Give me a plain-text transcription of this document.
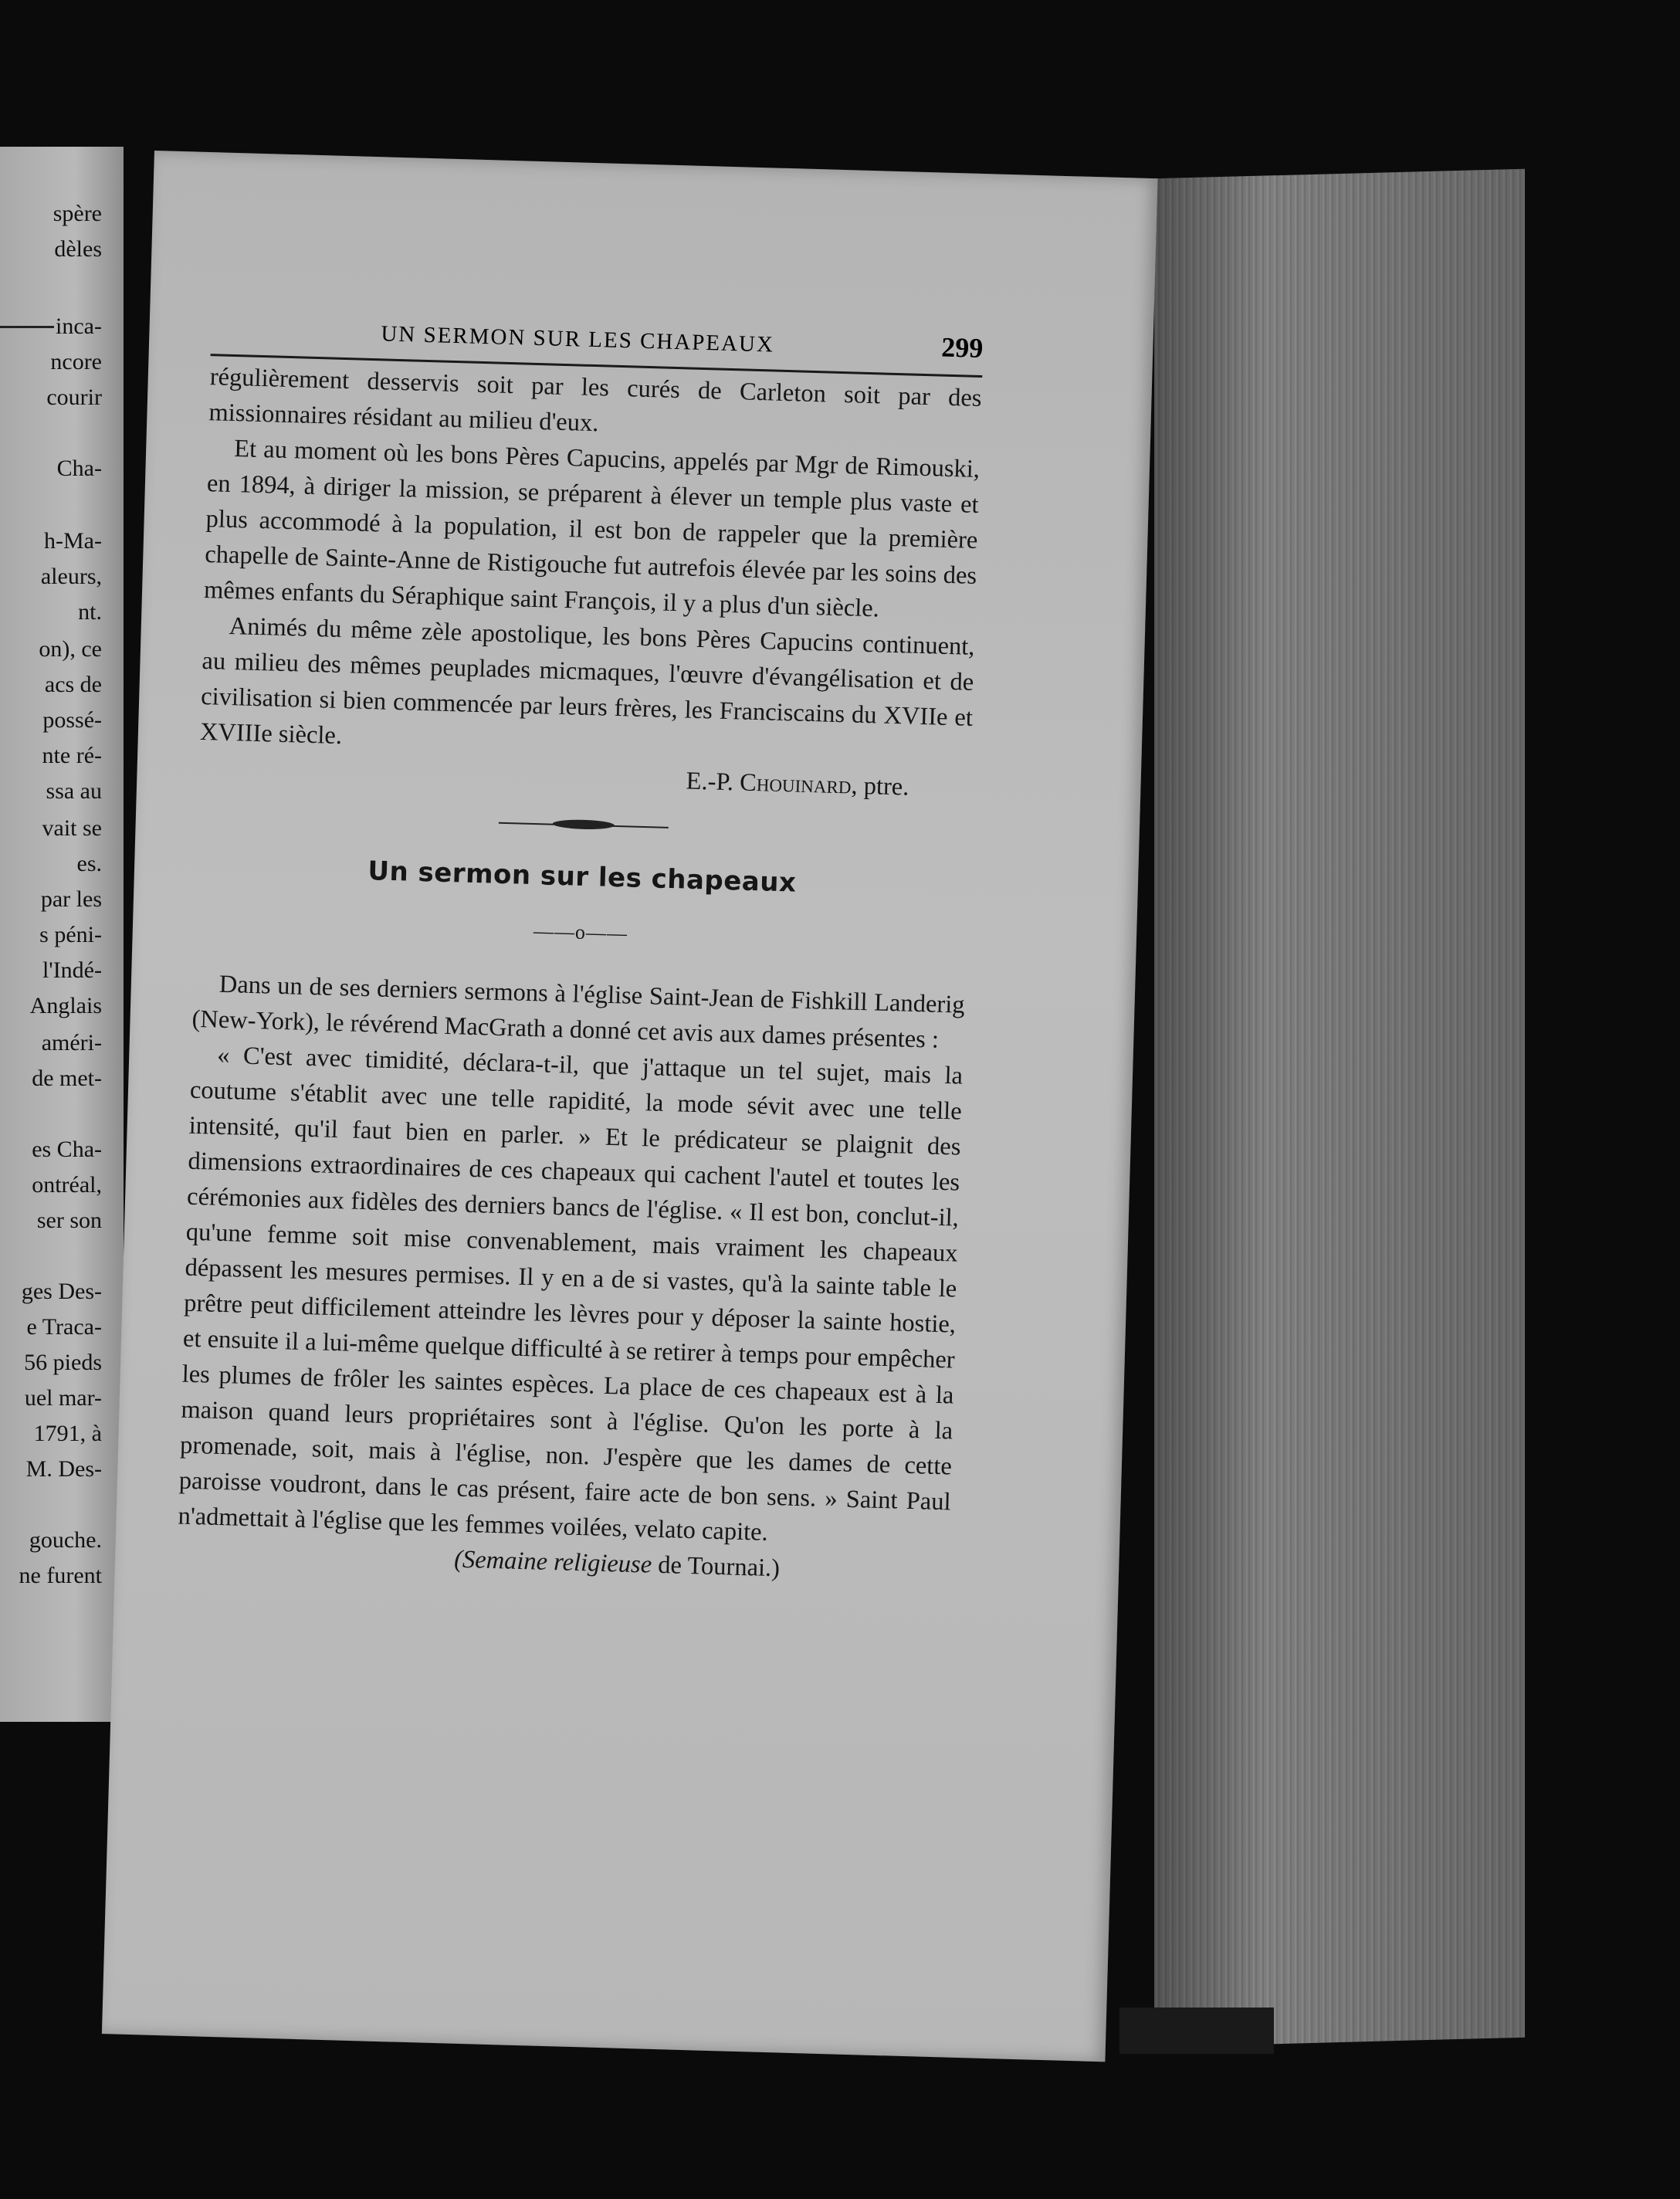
spère
dèles
inca-
ncore
courir
Cha-
h-Ma-
aleurs,
nt.
on), ce
acs de
possé-
nte ré-
ssa au
vait se
es.
par les
s péni-
l'Indé-
Anglais
améri-
de met-
es Cha-
ontréal,
ser son
ges Des-
e Traca-
56 pieds
uel mar-
1791, à
M. Des-
gouche.
ne furent
UN SERMON SUR LES CHAPEAUX	299

régulièrement desservis soit par les curés de Carleton soit par des missionnaires résidant au milieu d'eux.

Et au moment où les bons Pères Capucins, appelés par Mgr de Rimouski, en 1894, à diriger la mission, se préparent à élever un temple plus vaste et plus accommodé à la population, il est bon de rappeler que la première chapelle de Sainte-Anne de Ristigouche fut autrefois élevée par les soins des mêmes enfants du Séraphique saint François, il y a plus d'un siècle.

Animés du même zèle apostolique, les bons Pères Capucins continuent, au milieu des mêmes peuplades micmaques, l'œuvre d'évangélisation et de civilisation si bien commencée par leurs frères, les Franciscains du XVIIe et XVIIIe siècle.

E.-P. Chouinard, ptre.

Un sermon sur les chapeaux
——o——

Dans un de ses derniers sermons à l'église Saint-Jean de Fishkill Landerig (New-York), le révérend MacGrath a donné cet avis aux dames présentes :

« C'est avec timidité, déclara-t-il, que j'attaque un tel sujet, mais la coutume s'établit avec une telle rapidité, la mode sévit avec une telle intensité, qu'il faut bien en parler. » Et le prédicateur se plaignit des dimensions extraordinaires de ces chapeaux qui cachent l'autel et toutes les cérémonies aux fidèles des derniers bancs de l'église. « Il est bon, conclut-il, qu'une femme soit mise convenablement, mais vraiment les chapeaux dépassent les mesures permises. Il y en a de si vastes, qu'à la sainte table le prêtre peut difficilement atteindre les lèvres pour y déposer la sainte hostie, et ensuite il a lui-même quelque difficulté à se retirer à temps pour empêcher les plumes de frôler les saintes espèces. La place de ces chapeaux est à la maison quand leurs propriétaires sont à l'église. Qu'on les porte à la promenade, soit, mais à l'église, non. J'espère que les dames de cette paroisse voudront, dans le cas présent, faire acte de bon sens. » Saint Paul n'admettait à l'église que les femmes voilées, velato capite.

(Semaine religieuse de Tournai.)
